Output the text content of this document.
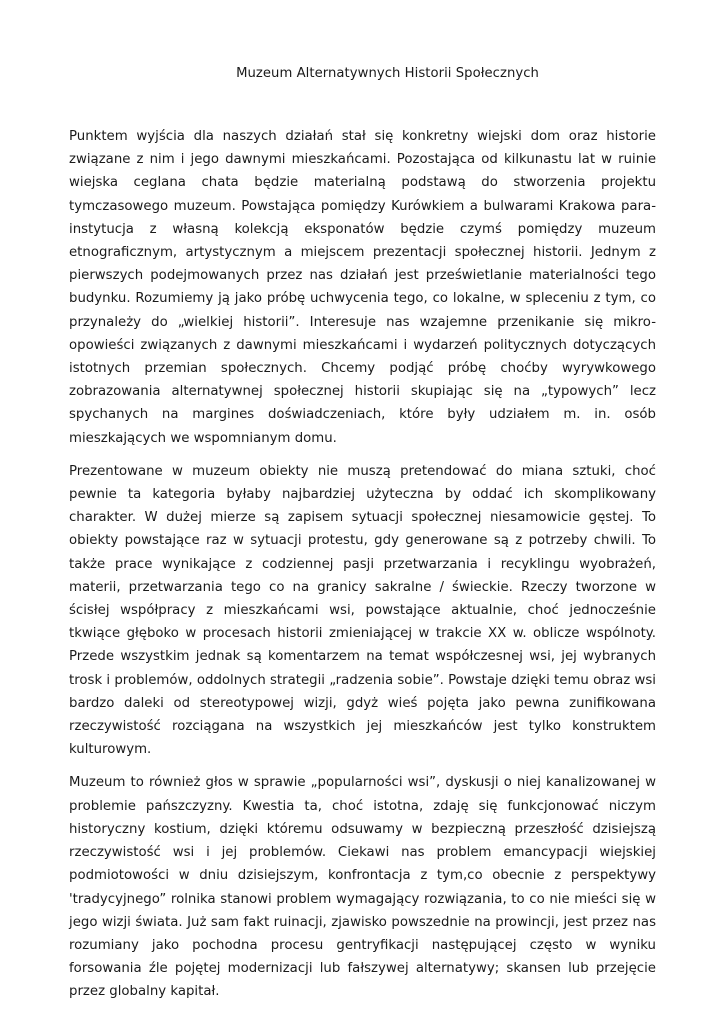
Muzeum Alternatywnych Historii Społecznych

Punktem wyjścia dla naszych działań stał się konkretny wiejski dom oraz historie związane z nim i jego dawnymi mieszkańcami. Pozostająca od kilkunastu lat w ruinie wiejska ceglana chata będzie materialną podstawą do stworzenia projektu tymczasowego muzeum. Powstająca pomiędzy Kurówkiem a bulwarami Krakowa para-instytucja z własną kolekcją eksponatów będzie czymś pomiędzy muzeum etnograficznym, artystycznym a miejscem prezentacji społecznej historii. Jednym z pierwszych podejmowanych przez nas działań jest prześwietlanie materialności tego budynku. Rozumiemy ją jako próbę uchwycenia tego, co lokalne, w spleceniu z tym, co przynależy do „wielkiej historii”. Interesuje nas wzajemne przenikanie się mikro-opowieści związanych z dawnymi mieszkańcami i wydarzeń politycznych dotyczących istotnych przemian społecznych. Chcemy podjąć próbę choćby wyrywkowego zobrazowania alternatywnej społecznej historii skupiając się na „typowych” lecz spychanych na margines doświadczeniach, które były udziałem m. in. osób mieszkających we wspomnianym domu.

Prezentowane w muzeum obiekty nie muszą pretendować do miana sztuki, choć pewnie ta kategoria byłaby najbardziej użyteczna by oddać ich skomplikowany charakter. W dużej mierze są zapisem sytuacji społecznej niesamowicie gęstej. To obiekty powstające raz w sytuacji protestu, gdy generowane są z potrzeby chwili. To także prace wynikające z codziennej pasji przetwarzania i recyklingu wyobrażeń, materii, przetwarzania tego co na granicy sakralne / świeckie. Rzeczy tworzone w ścisłej współpracy z mieszkańcami wsi, powstające aktualnie, choć jednocześnie tkwiące głęboko w procesach historii zmieniającej w trakcie XX w. oblicze wspólnoty. Przede wszystkim jednak są komentarzem na temat współczesnej wsi, jej wybranych trosk i problemów, oddolnych strategii „radzenia sobie”. Powstaje dzięki temu obraz wsi bardzo daleki od stereotypowej wizji, gdyż wieś pojęta jako pewna zunifikowana rzeczywistość rozciągana na wszystkich jej mieszkańców jest tylko konstruktem kulturowym.

Muzeum to również głos w sprawie „popularności wsi”, dyskusji o niej kanalizowanej w problemie pańszczyzny. Kwestia ta, choć istotna, zdaję się funkcjonować niczym historyczny kostium, dzięki któremu odsuwamy w bezpieczną przeszłość dzisiejszą rzeczywistość wsi i jej problemów. Ciekawi nas problem emancypacji wiejskiej podmiotowości w dniu dzisiejszym, konfrontacja z tym,co obecnie z perspektywy 'tradycyjnego” rolnika stanowi problem wymagający rozwiązania, to co nie mieści się w jego wizji świata. Już sam fakt ruinacji, zjawisko powszednie na prowincji, jest przez nas rozumiany jako pochodna procesu gentryfikacji następującej często w wyniku forsowania źle pojętej modernizacji lub fałszywej alternatywy; skansen lub przejęcie przez globalny kapitał.
